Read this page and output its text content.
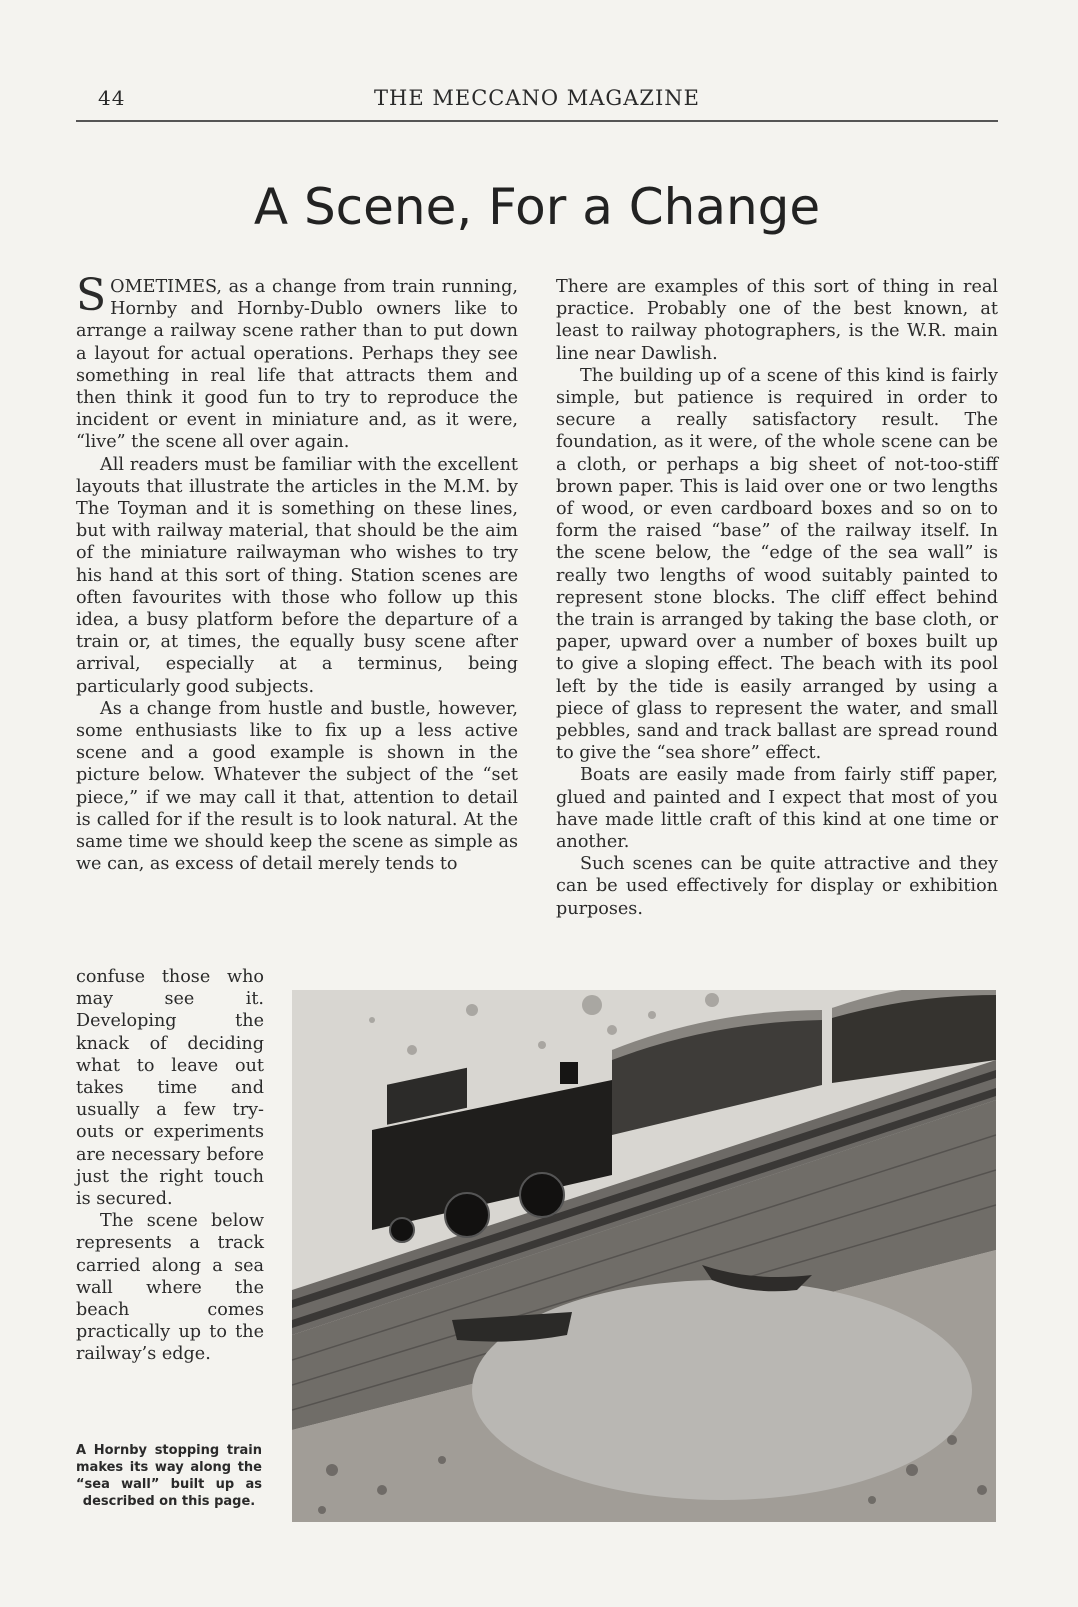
44	THE MECCANO MAGAZINE
A Scene, For a Change

SOMETIMES, as a change from train running, Hornby and Hornby-Dublo owners like to arrange a railway scene rather than to put down a layout for actual operations. Perhaps they see something in real life that attracts them and then think it good fun to try to reproduce the incident or event in miniature and, as it were, “live” the scene all over again.

All readers must be familiar with the excellent layouts that illustrate the articles in the M.M. by The Toyman and it is something on these lines, but with railway material, that should be the aim of the miniature railwayman who wishes to try his hand at this sort of thing. Station scenes are often favourites with those who follow up this idea, a busy platform before the departure of a train or, at times, the equally busy scene after arrival, especially at a terminus, being particularly good subjects.

As a change from hustle and bustle, however, some enthusiasts like to fix up a less active scene and a good example is shown in the picture below. Whatever the subject of the “set piece,” if we may call it that, attention to detail is called for if the result is to look natural. At the same time we should keep the scene as simple as we can, as excess of detail merely tends to

confuse those who may see it. Developing the knack of deciding what to leave out takes time and usually a few try-outs or experiments are necessary before just the right touch is secured.

The scene below represents a track carried along a sea wall where the beach comes practically up to the railway’s edge.

A Hornby stopping train makes its way along the “sea wall” built up as described on this page.

There are examples of this sort of thing in real practice. Probably one of the best known, at least to railway photographers, is the W.R. main line near Dawlish.

The building up of a scene of this kind is fairly simple, but patience is required in order to secure a really satisfactory result. The foundation, as it were, of the whole scene can be a cloth, or perhaps a big sheet of not-too-stiff brown paper. This is laid over one or two lengths of wood, or even cardboard boxes and so on to form the raised “base” of the railway itself. In the scene below, the “edge of the sea wall” is really two lengths of wood suitably painted to represent stone blocks. The cliff effect behind the train is arranged by taking the base cloth, or paper, upward over a number of boxes built up to give a sloping effect. The beach with its pool left by the tide is easily arranged by using a piece of glass to represent the water, and small pebbles, sand and track ballast are spread round to give the “sea shore” effect.

Boats are easily made from fairly stiff paper, glued and painted and I expect that most of you have made little craft of this kind at one time or another.

Such scenes can be quite attractive and they can be used effectively for display or exhibition purposes.
